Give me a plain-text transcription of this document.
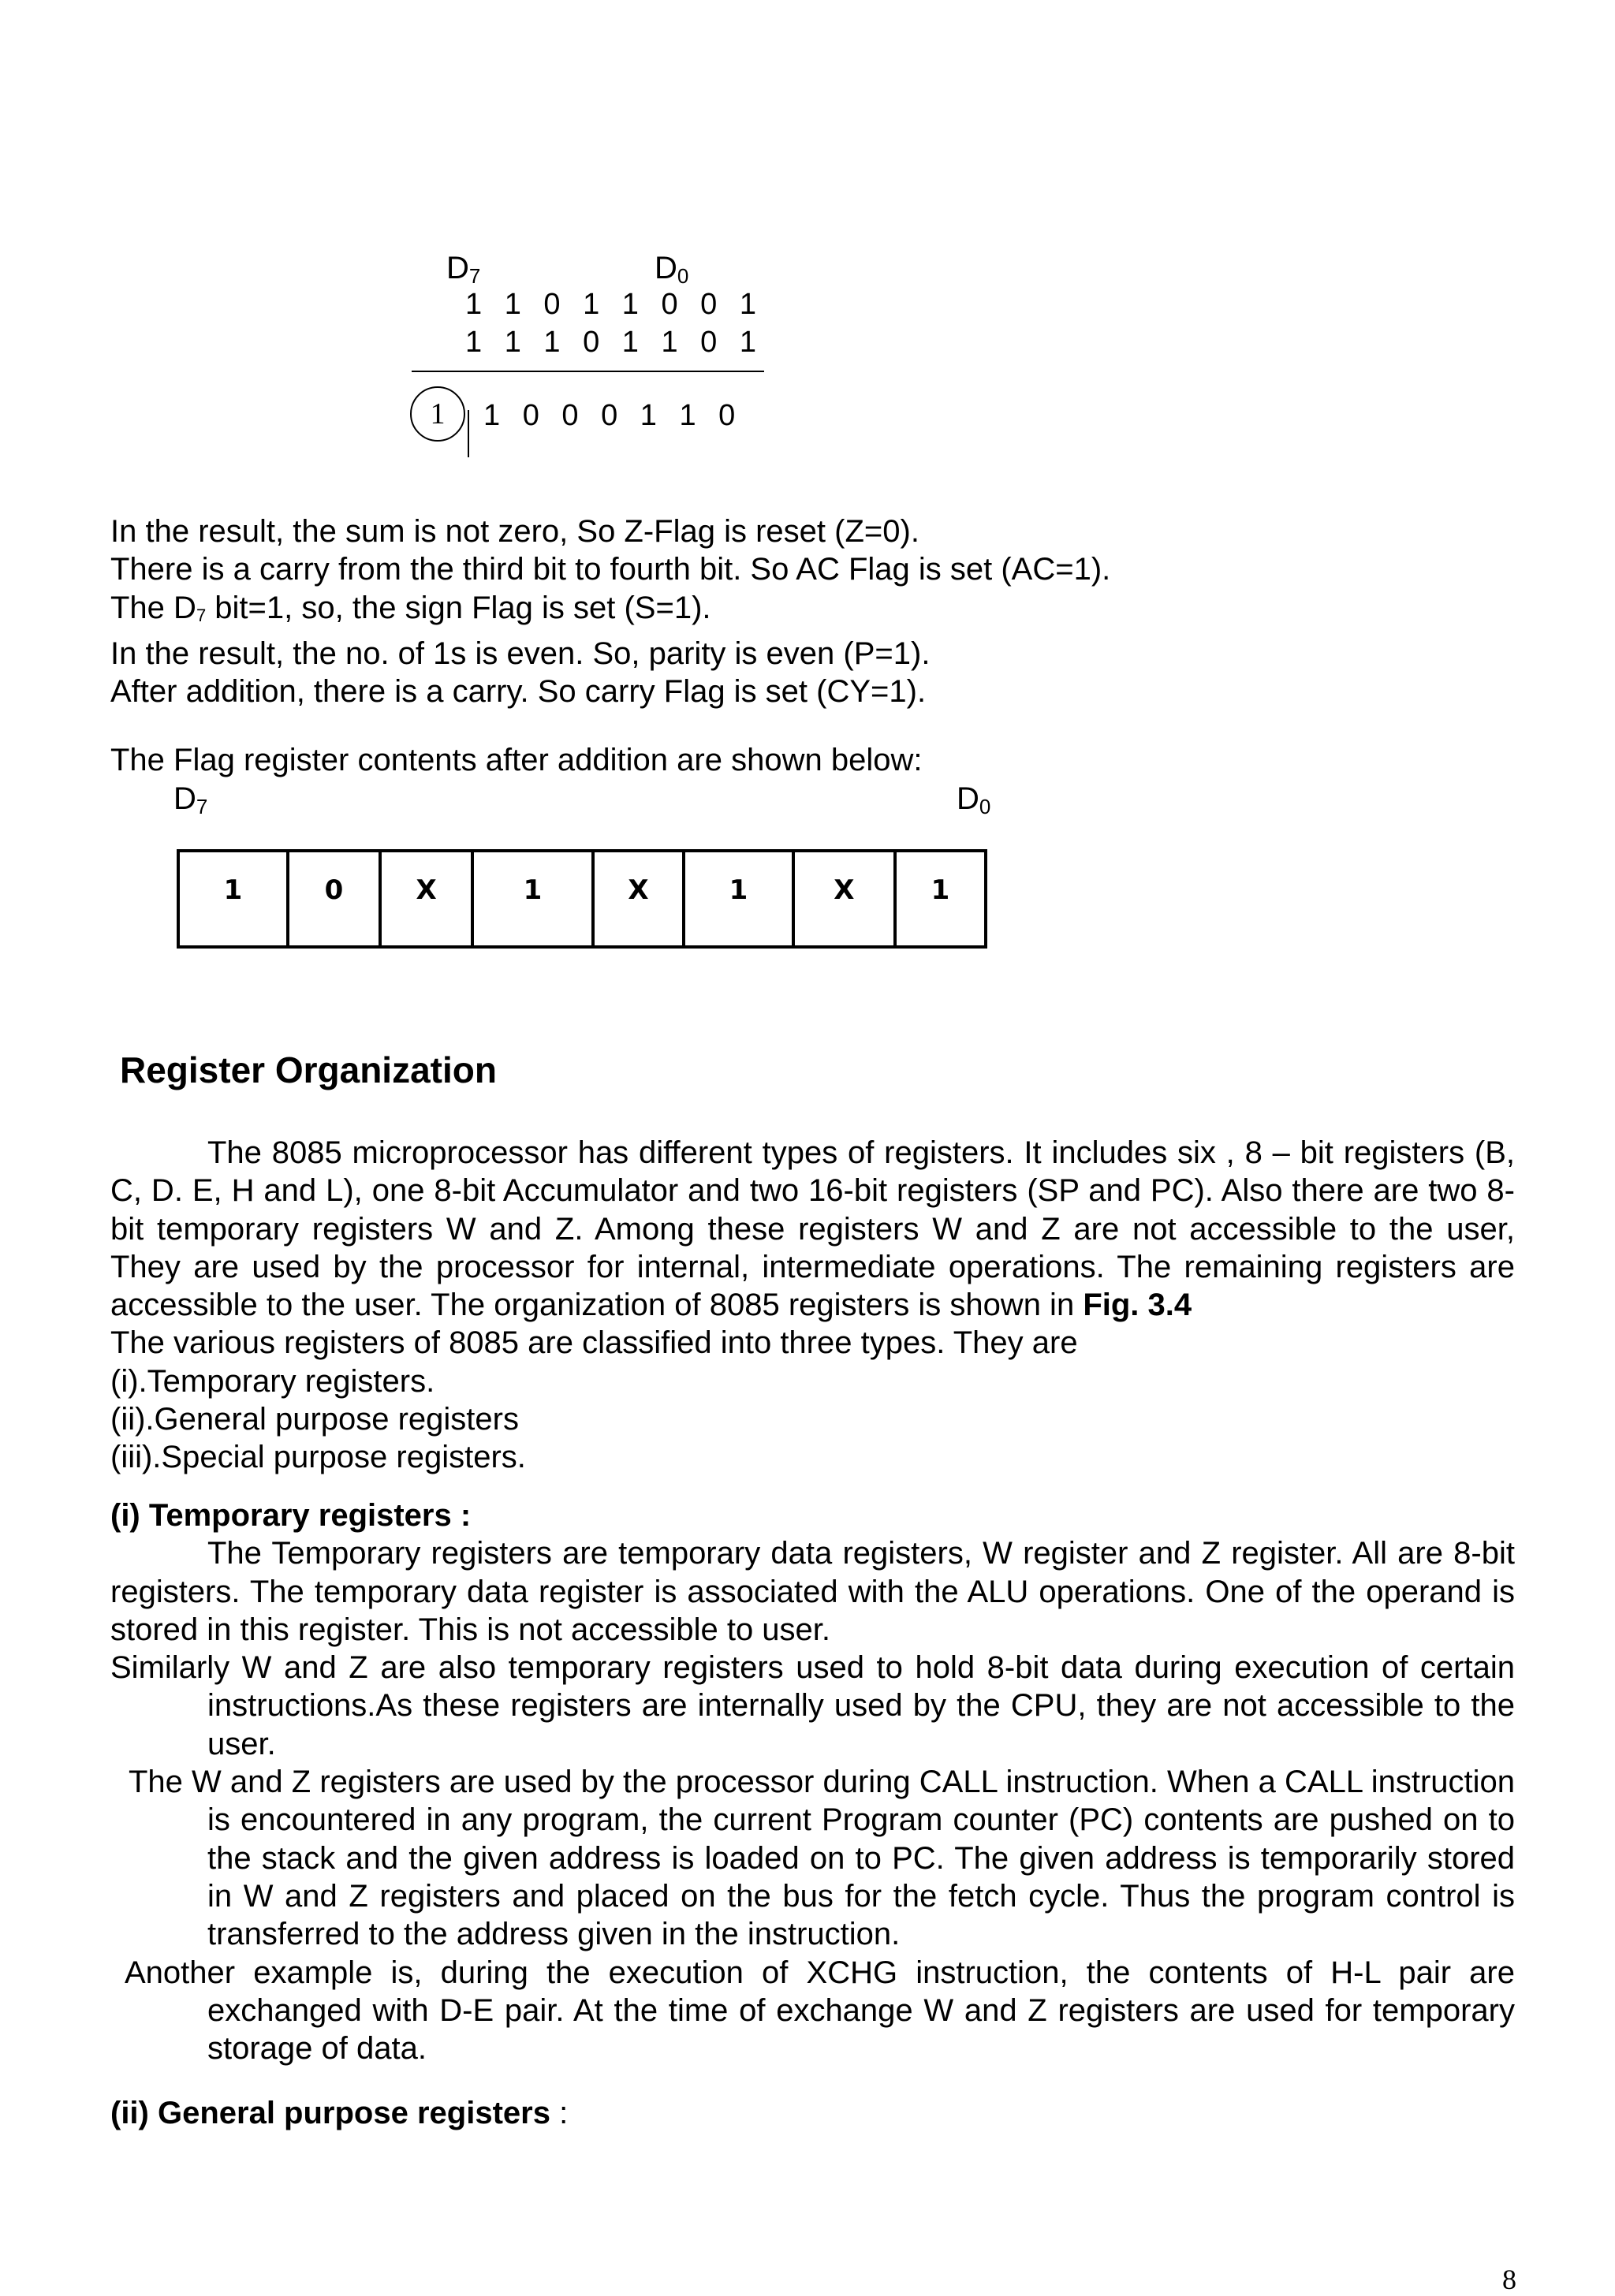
$D_7$	$D_0$
1 1 0 1 1 0 0 1
1 1 1 0 1 1 0 1
1 1 0 0 0 1 1 0
In the result, the sum is not zero, So Z-Flag is reset (Z=0).
There is a carry from the third bit to fourth bit. So AC Flag is set (AC=1).
The D7 bit=1, so, the sign Flag is set (S=1).
In the result, the no. of 1s is even. So, parity is even (P=1).
After addition, there is a carry. So carry Flag is set (CY=1).
The Flag register contents after addition are shown below:
$D_7$	$D_0$
1	0	X	1	X	1	X	1
Register Organization

The 8085 microprocessor has different types of registers. It includes six , 8 – bit registers (B, C, D. E, H and L), one 8-bit Accumulator and two 16-bit registers (SP and PC). Also there are two 8-bit temporary registers W and Z. Among these registers W and Z are not accessible to the user, They are used by the processor for internal, intermediate operations. The remaining registers are accessible to the user. The organization of 8085 registers is shown in Fig. 3.4

The various registers of 8085 are classified into three types. They are

(i).Temporary registers.

(ii).General purpose registers

(iii).Special purpose registers.

(i) Temporary registers :

The Temporary registers are temporary data registers, W register and Z register. All are 8-bit registers. The temporary data register is associated with the ALU operations. One of the operand is stored in this register. This is not accessible to user.

Similarly W and Z are also temporary registers used to hold 8-bit data during execution of certain instructions.As these registers are internally used by the CPU, they are not accessible to the user.

The W and Z registers are used by the processor during CALL instruction. When a CALL instruction is encountered in any program, the current Program counter (PC) contents are pushed on to the stack and the given address is loaded on to PC. The given address is temporarily stored in W and Z registers and placed on the bus for the fetch cycle. Thus the program control is transferred to the address given in the instruction.

Another example is, during the execution of XCHG instruction, the contents of H-L pair are exchanged with D-E pair. At the time of exchange W and Z registers are used for temporary storage of data.

(ii) General purpose registers :
8
